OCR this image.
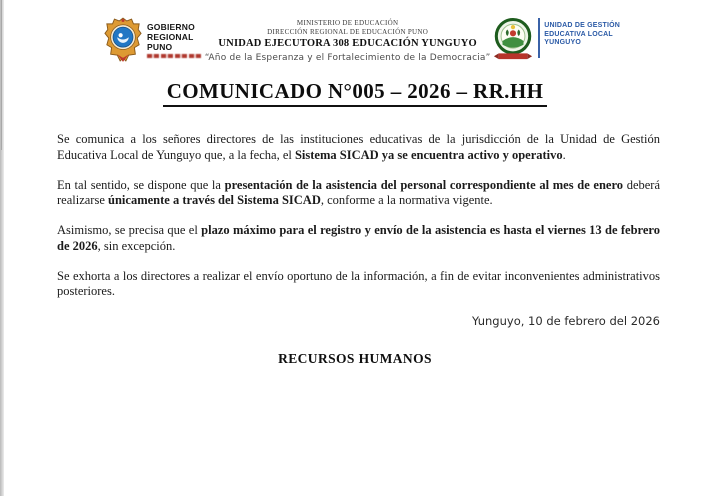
GOBIERNO
REGIONAL
PUNO
MINISTERIO DE EDUCACIÓN
DIRECCIÓN REGIONAL DE EDUCACIÓN PUNO
UNIDAD EJECUTORA 308 EDUCACIÓN YUNGUYO
“Año de la Esperanza y el Fortalecimiento de la Democracia”
UNIDAD DE GESTIÓN
EDUCATIVA LOCAL
YUNGUYO
COMUNICADO N°005 – 2026 – RR.HH

Se comunica a los señores directores de las instituciones educativas de la jurisdicción de la Unidad de Gestión Educativa Local de Yunguyo que, a la fecha, el Sistema SICAD ya se encuentra activo y operativo.

En tal sentido, se dispone que la presentación de la asistencia del personal correspondiente al mes de enero deberá realizarse únicamente a través del Sistema SICAD, conforme a la normativa vigente.

Asimismo, se precisa que el plazo máximo para el registro y envío de la asistencia es hasta el viernes 13 de febrero de 2026, sin excepción.

Se exhorta a los directores a realizar el envío oportuno de la información, a fin de evitar inconvenientes administrativos posteriores.

Yunguyo, 10 de febrero del 2026
RECURSOS HUMANOS
